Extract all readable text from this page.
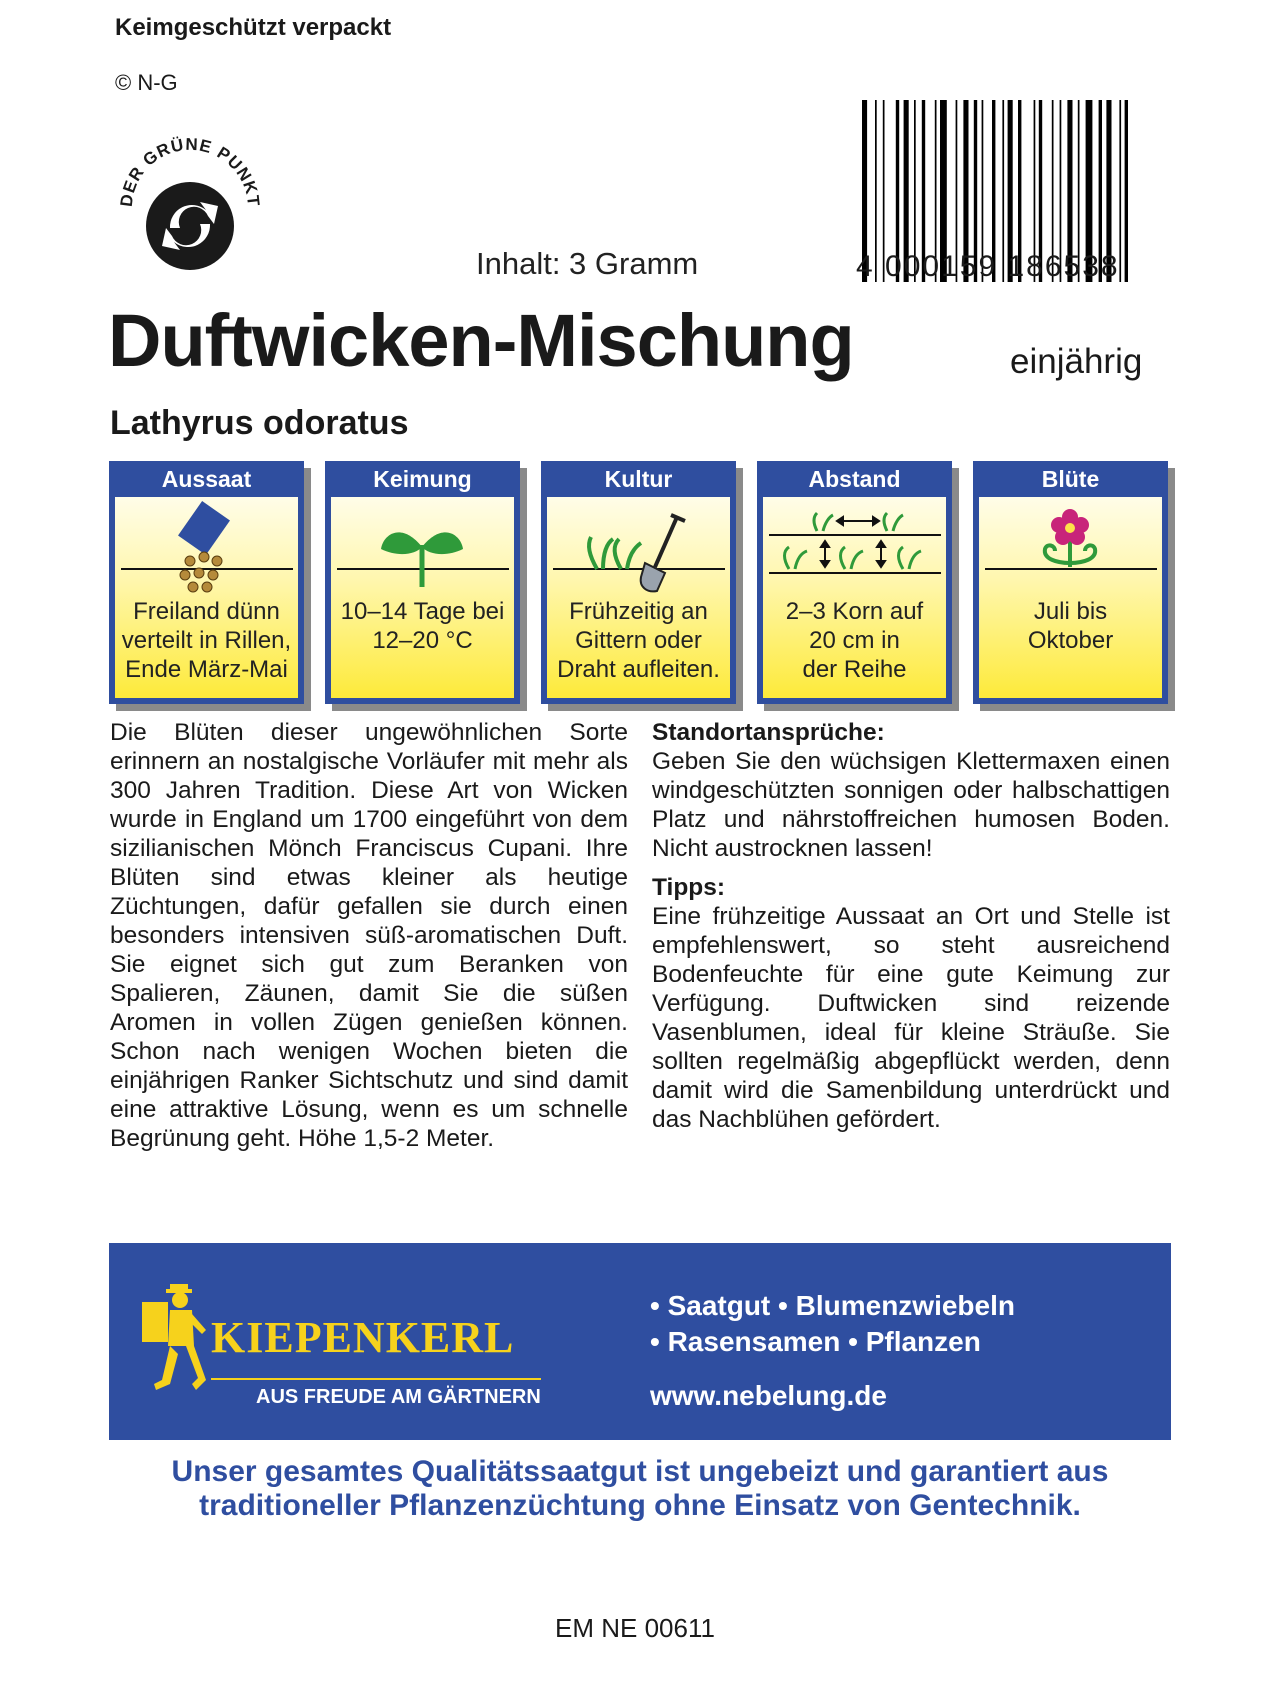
Keimgeschützt verpackt
© N-G
DER GRÜNE PUNKT
Inhalt: 3 Gramm	4 000159 186538
Duftwicken-Mischung	einjährig
Lathyrus odoratus
Aussaat
Freiland dünn
verteilt in Rillen,
Ende März-Mai
Keimung
10–14 Tage bei
12–20 °C
Kultur
Frühzeitig an
Gittern oder
Draht aufleiten.
Abstand
2–3 Korn auf
20 cm in
der Reihe
Blüte
Juli bis
Oktober
Die Blüten dieser ungewöhnlichen Sorte erinnern an nostalgische Vorläufer mit mehr als 300 Jahren Tradition. Diese Art von Wicken wurde in England um 1700 eingeführt von dem sizilianischen Mönch Franciscus Cupani. Ihre Blüten sind etwas kleiner als heutige Züchtungen, dafür gefallen sie durch einen besonders intensiven süß-aromatischen Duft. Sie eignet sich gut zum Beranken von Spalieren, Zäunen, damit Sie die süßen Aromen in vollen Zügen genießen können. Schon nach wenigen Wochen bieten die einjährigen Ranker Sichtschutz und sind damit eine attraktive Lösung, wenn es um schnelle Begrünung geht. Höhe 1,5-2 Meter.
Standortansprüche:
Geben Sie den wüchsigen Klettermaxen einen windgeschützten sonnigen oder halbschattigen Platz und nährstoffreichen humosen Boden. Nicht austrocknen lassen!
Tipps:
Eine frühzeitige Aussaat an Ort und Stelle ist empfehlenswert, so steht ausreichend Bodenfeuchte für eine gute Keimung zur Verfügung. Duftwicken sind reizende Vasenblumen, ideal für kleine Sträuße. Sie sollten regelmäßig abgepflückt werden, denn damit wird die Samenbildung unterdrückt und das Nachblühen gefördert.
KIEPENKERL
AUS FREUDE AM GÄRTNERN
• Saatgut • Blumenzwiebeln
• Rasensamen • Pflanzen
www.nebelung.de
Unser gesamtes Qualitätssaatgut ist ungebeizt und garantiert aus
traditioneller Pflanzenzüchtung ohne Einsatz von Gentechnik.
EM NE 00611
